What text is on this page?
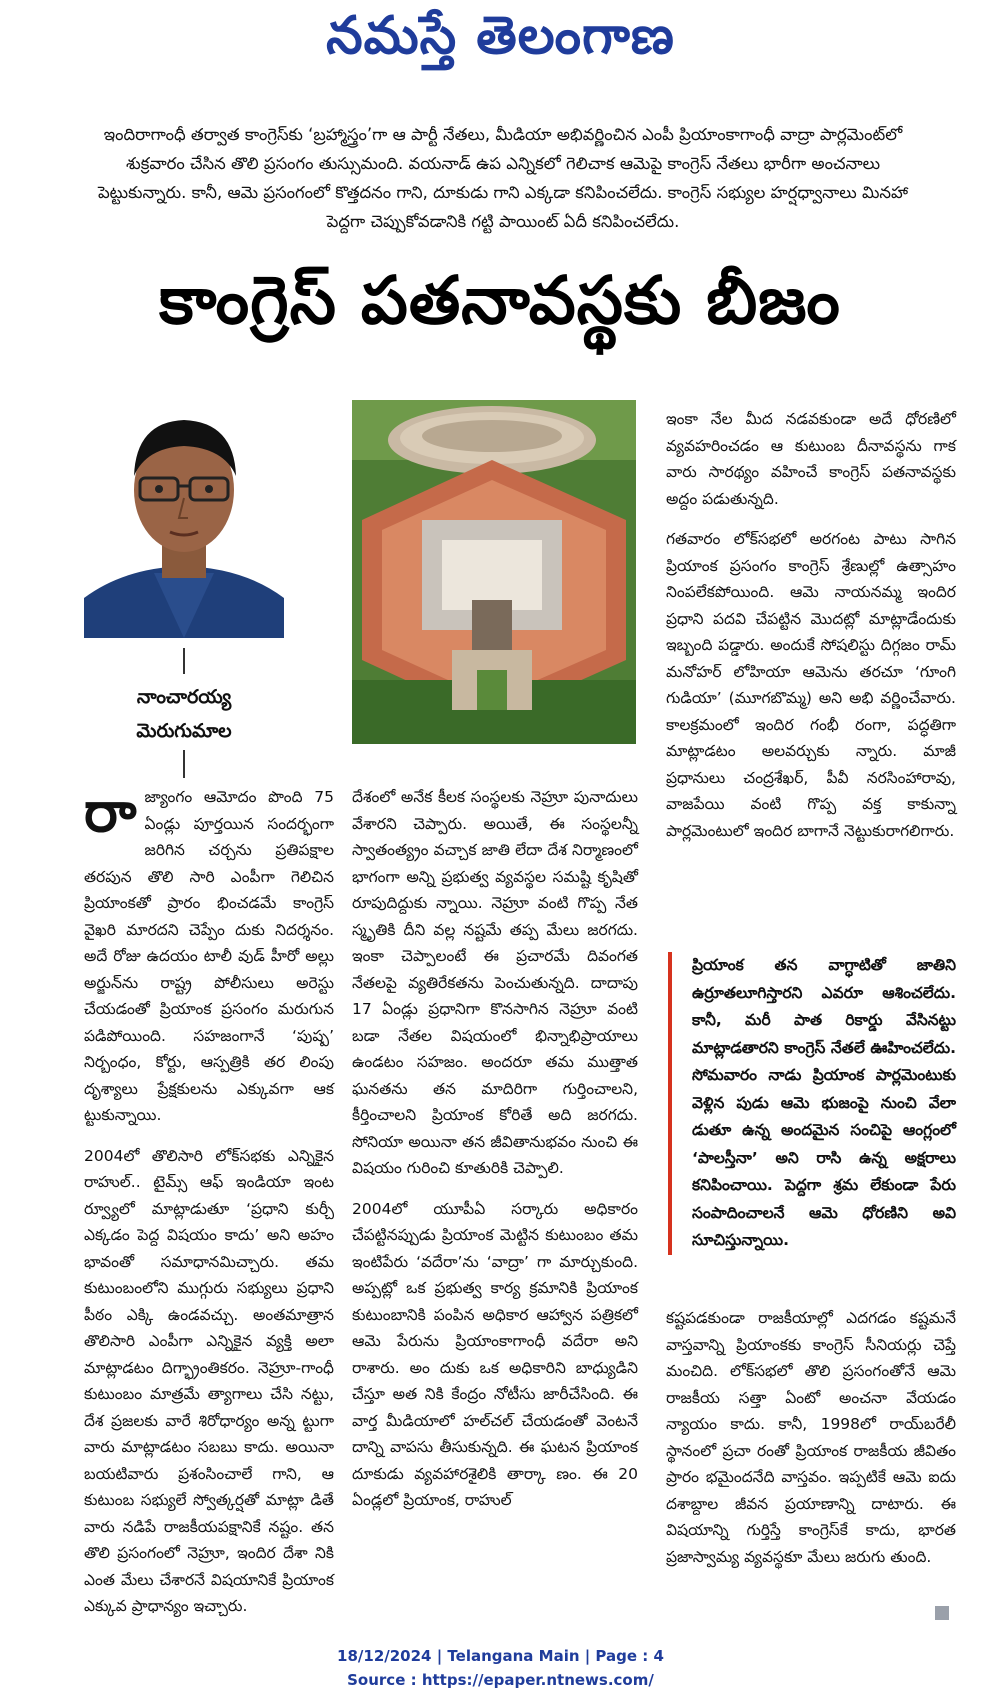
నమస్తే తెలంగాణ
ఇందిరాగాంధీ తర్వాత కాంగ్రెస్‌కు ‘బ్రహ్మాస్త్రం’గా ఆ పార్టీ నేతలు, మీడియా అభివర్ణించిన ఎంపీ ప్రియాంకాగాంధీ వాద్రా పార్లమెంట్‌లో శుక్రవారం చేసిన తొలి ప్రసంగం తుస్సుమంది. వయనాడ్ ఉప ఎన్నికలో గెలిచాక ఆమెపై కాంగ్రెస్ నేతలు భారీగా అంచనాలు పెట్టుకున్నారు. కానీ, ఆమె ప్రసంగంలో కొత్తదనం గాని, దూకుడు గాని ఎక్కడా కనిపించలేదు. కాంగ్రెస్ సభ్యుల హర్షధ్వానాలు మినహా పెద్దగా చెప్పుకోవడానికి గట్టి పాయింట్ ఏదీ కనిపించలేదు.
కాంగ్రెస్ పతనావస్థకు బీజం
నాంచారయ్య
మెరుగుమాల

రా జ్యాంగం ఆమోదం పొంది 75 ఏండ్లు పూర్తయిన సందర్భంగా జరిగిన చర్చను ప్రతిపక్షాల తరపున తొలి సారి ఎంపీగా గెలిచిన ప్రియాంకతో ప్రారం భించడమే కాంగ్రెస్ వైఖరి మారదని చెప్పేం దుకు నిదర్శనం. అదే రోజు ఉదయం టాలీ వుడ్ హీరో అల్లు అర్జున్‌ను రాష్ట్ర పోలీసులు అరెస్టు చేయడంతో ప్రియాంక ప్రసంగం మరుగున పడిపోయింది. సహజంగానే ‘పుష్ప’ నిర్బంధం, కోర్టు, ఆస్పత్రికి తర లింపు దృశ్యాలు ప్రేక్షకులను ఎక్కువగా ఆక ట్టుకున్నాయి.

2004లో తొలిసారి లోక్‌సభకు ఎన్నికైన రాహుల్.. టైమ్స్ ఆఫ్ ఇండియా ఇంట ర్వ్యూలో మాట్లాడుతూ ‘ప్రధాని కుర్చీ ఎక్కడం పెద్ద విషయం కాదు’ అని అహం భావంతో సమాధానమిచ్చారు. తమ కుటుంబంలోని ముగ్గురు సభ్యులు ప్రధాని పీఠం ఎక్కి ఉండవచ్చు. అంతమాత్రాన తొలిసారి ఎంపీగా ఎన్నికైన వ్యక్తి అలా మాట్లాడటం దిగ్భ్రాంతికరం. నెహ్రూ-గాంధీ కుటుంబం మాత్రమే త్యాగాలు చేసి నట్టు, దేశ ప్రజలకు వారే శిరోధార్యం అన్న ట్టుగా వారు మాట్లాడటం సబబు కాదు. అయినా బయటివారు ప్రశంసించాలే గాని, ఆ కుటుంబ సభ్యులే స్వోత్కర్షతో మాట్లా డితే వారు నడిపే రాజకీయపక్షానికే నష్టం. తన తొలి ప్రసంగంలో నెహ్రూ, ఇందిర దేశా నికి ఎంత మేలు చేశారనే విషయానికే ప్రియాంక ఎక్కువ ప్రాధాన్యం ఇచ్చారు.

దేశంలో అనేక కీలక సంస్థలకు నెహ్రూ పునాదులు వేశారని చెప్పారు. అయితే, ఈ సంస్థలన్నీ స్వాతంత్య్రం వచ్చాక జాతి లేదా దేశ నిర్మాణంలో భాగంగా అన్ని ప్రభుత్వ వ్యవస్థల సమష్టి కృషితో రూపుదిద్దుకు న్నాయి. నెహ్రూ వంటి గొప్ప నేత స్మృతికి దీని వల్ల నష్టమే తప్ప మేలు జరగదు. ఇంకా చెప్పాలంటే ఈ ప్రచారమే దివంగత నేతలపై వ్యతిరేకతను పెంచుతున్నది. దాదాపు 17 ఏండ్లు ప్రధానిగా కొనసాగిన నెహ్రూ వంటి బడా నేతల విషయంలో భిన్నాభిప్రాయాలు ఉండటం సహజం. అందరూ తమ ముత్తాత ఘనతను తన మాదిరిగా గుర్తించాలని, కీర్తించాలని ప్రియాంక కోరితే అది జరగదు. సోనియా అయినా తన జీవితానుభవం నుంచి ఈ విషయం గురించి కూతురికి చెప్పాలి.

2004లో యూపీఏ సర్కారు అధికారం చేపట్టినప్పుడు ప్రియాంక మెట్టిన కుటుంబం తమ ఇంటిపేరు ‘వదేరా’ను ‘వాద్రా’ గా మార్చుకుంది. అప్పట్లో ఒక ప్రభుత్వ కార్య క్రమానికి ప్రియాంక కుటుంబానికి పంపిన అధికార ఆహ్వాన పత్రికలో ఆమె పేరును ప్రియాంకాగాంధీ వదేరా అని రాశారు. అం దుకు ఒక అధికారిని బాధ్యుడిని చేస్తూ అత నికి కేంద్రం నోటీసు జారీచేసింది. ఈ వార్త మీడియాలో హల్‌చల్ చేయడంతో వెంటనే దాన్ని వాపసు తీసుకున్నది. ఈ ఘటన ప్రియాంక దూకుడు వ్యవహారశైలికి తార్కా ణం. ఈ 20 ఏండ్లలో ప్రియాంక, రాహుల్

ఇంకా నేల మీద నడవకుండా అదే ధోరణిలో వ్యవహరించడం ఆ కుటుంబ దీనావస్థను గాక వారు సారథ్యం వహించే కాంగ్రెస్ పతనావస్థకు అద్దం పడుతున్నది.

గతవారం లోక్‌సభలో అరగంట పాటు సాగిన ప్రియాంక ప్రసంగం కాంగ్రెస్ శ్రేణుల్లో ఉత్సాహం నింపలేకపోయింది. ఆమె నాయనమ్మ ఇందిర ప్రధాని పదవి చేపట్టిన మొదట్లో మాట్లాడేందుకు ఇబ్బంది పడ్డారు. అందుకే సోషలిస్టు దిగ్గజం రామ్ మనోహర్ లోహియా ఆమెను తరచూ ‘గూంగి గుడియా’ (మూగబొమ్మ) అని అభి వర్ణించేవారు. కాలక్రమంలో ఇందిర గంభీ రంగా, పద్ధతిగా మాట్లాడటం అలవర్చుకు న్నారు. మాజీ ప్రధానులు చంద్రశేఖర్, పీవీ నరసింహారావు, వాజపేయి వంటి గొప్ప వక్త కాకున్నా పార్లమెంటులో ఇందిర బాగానే నెట్టుకురాగలిగారు.

ప్రియాంక తన వాగ్ధాటితో జాతిని ఉర్రూతలూగిస్తారని ఎవరూ ఆశించలేదు. కానీ, మరీ పాత రికార్డు వేసినట్టు మాట్లాడతారని కాంగ్రెస్ నేతలే ఊహించలేదు. సోమవారం నాడు ప్రియాంక పార్లమెంటుకు వెళ్లిన పుడు ఆమె భుజంపై నుంచి వేలా డుతూ ఉన్న అందమైన సంచిపై ఆంగ్లంలో ‘పాలస్తీనా’ అని రాసి ఉన్న అక్షరాలు కనిపించాయి. పెద్దగా శ్రమ లేకుండా పేరు సంపాదించాలనే ఆమె ధోరణిని అవి సూచిస్తున్నాయి.

కష్టపడకుండా రాజకీయాల్లో ఎదగడం కష్టమనే వాస్తవాన్ని ప్రియాంకకు కాంగ్రెస్ సీనియర్లు చెప్తే మంచిది. లోక్‌సభలో తొలి ప్రసంగంతోనే ఆమె రాజకీయ సత్తా ఏంటో అంచనా వేయడం న్యాయం కాదు. కానీ, 1998లో రాయ్‌బరేలీ స్థానంలో ప్రచా రంతో ప్రియాంక రాజకీయ జీవితం ప్రారం భమైందనేది వాస్తవం. ఇప్పటికే ఆమె ఐదు దశాబ్దాల జీవన ప్రయాణాన్ని దాటారు. ఈ విషయాన్ని గుర్తిస్తే కాంగ్రెస్‌కే కాదు, భారత ప్రజాస్వామ్య వ్యవస్థకూ మేలు జరుగు తుంది.

18/12/2024 | Telangana Main | Page : 4
Source : https://epaper.ntnews.com/
